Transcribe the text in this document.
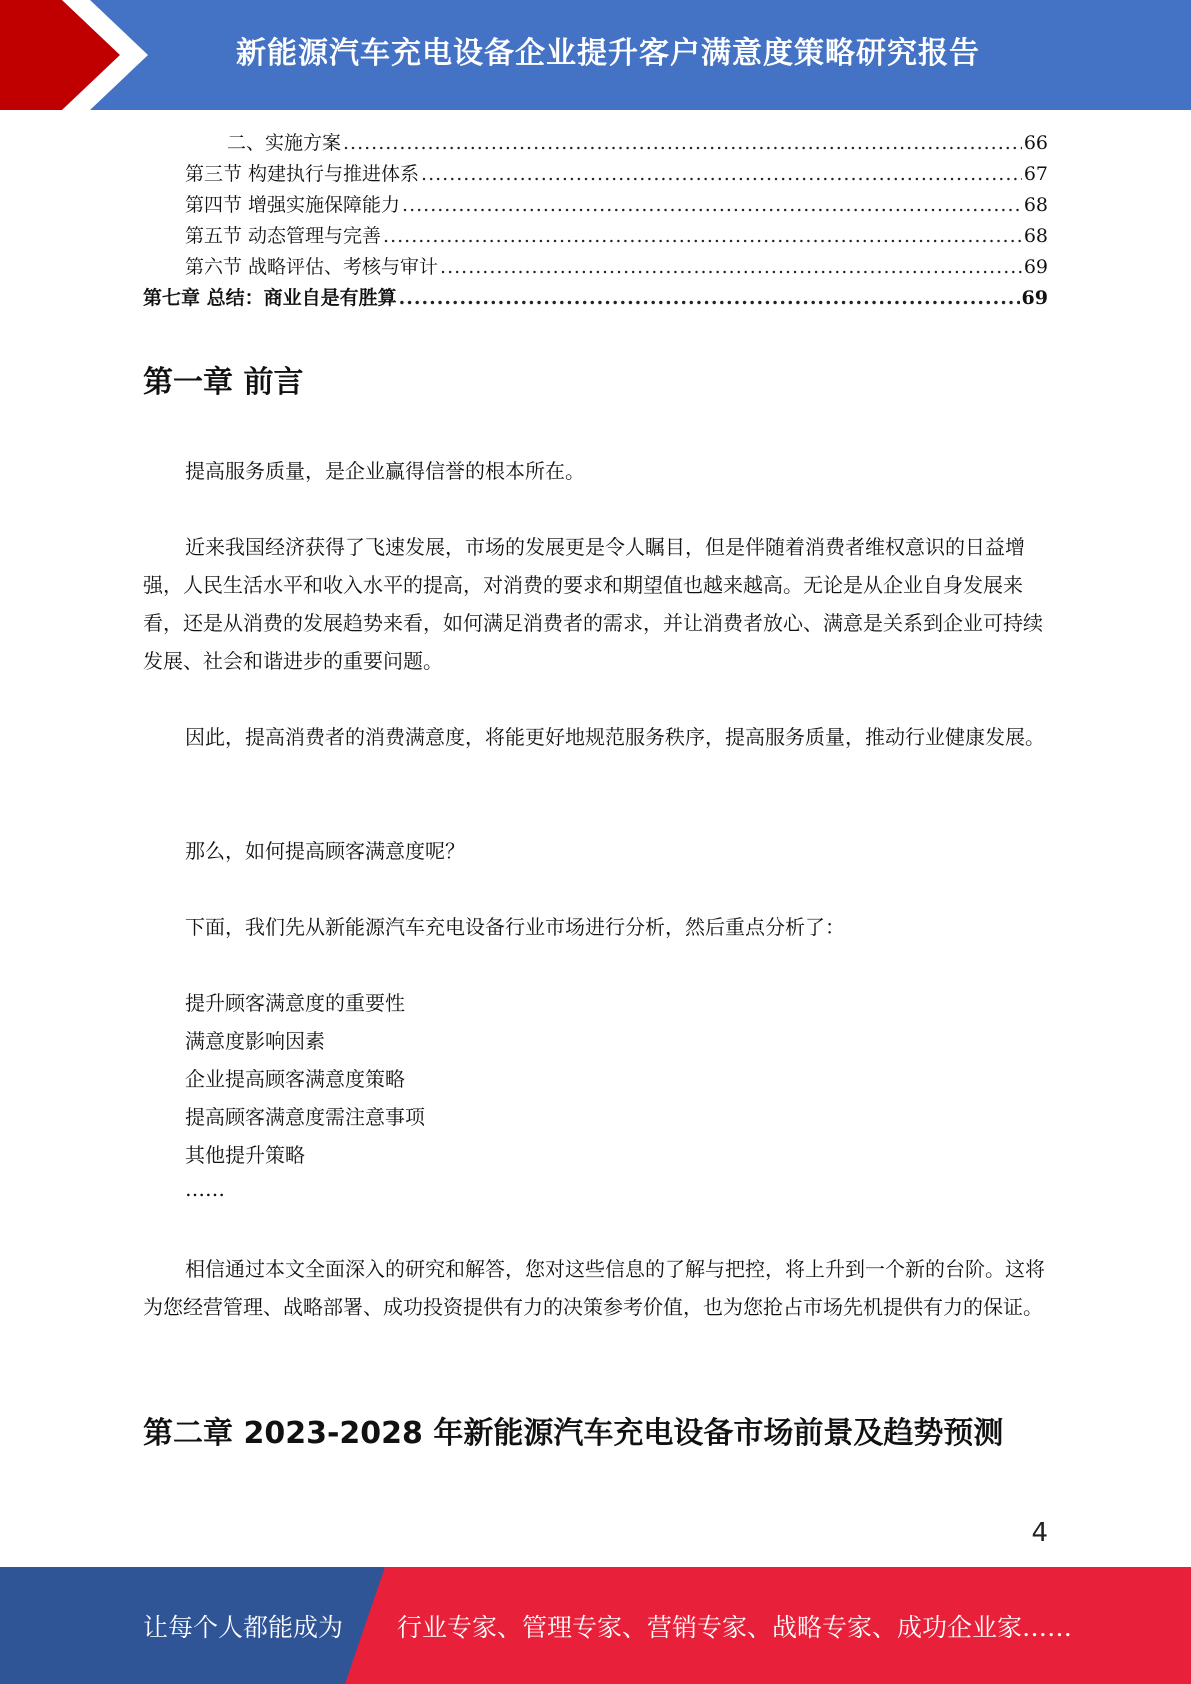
新能源汽车充电设备企业提升客户满意度策略研究报告
二、实施方案 .....	66
第三节 构建执行与推进体系 .....	67
第四节 增强实施保障能力 .....	68
第五节 动态管理与完善 .....	68
第六节 战略评估、考核与审计 .....	69
第七章 总结：商业自是有胜算 .....	69
第一章 前言

提高服务质量，是企业赢得信誉的根本所在。

近来我国经济获得了飞速发展，市场的发展更是令人瞩目，但是伴随着消费者维权意识的日益增强，人民生活水平和收入水平的提高，对消费的要求和期望值也越来越高。无论是从企业自身发展来看，还是从消费的发展趋势来看，如何满足消费者的需求，并让消费者放心、满意是关系到企业可持续发展、社会和谐进步的重要问题。

因此，提高消费者的消费满意度，将能更好地规范服务秩序，提高服务质量，推动行业健康发展。

那么，如何提高顾客满意度呢？

下面，我们先从新能源汽车充电设备行业市场进行分析，然后重点分析了：

提升顾客满意度的重要性

满意度影响因素

企业提高顾客满意度策略

提高顾客满意度需注意事项

其他提升策略

……

相信通过本文全面深入的研究和解答，您对这些信息的了解与把控，将上升到一个新的台阶。这将为您经营管理、战略部署、成功投资提供有力的决策参考价值，也为您抢占市场先机提供有力的保证。

第二章 2023-2028 年新能源汽车充电设备市场前景及趋势预测
4
让每个人都能成为 行业专家、管理专家、营销专家、战略专家、成功企业家……
